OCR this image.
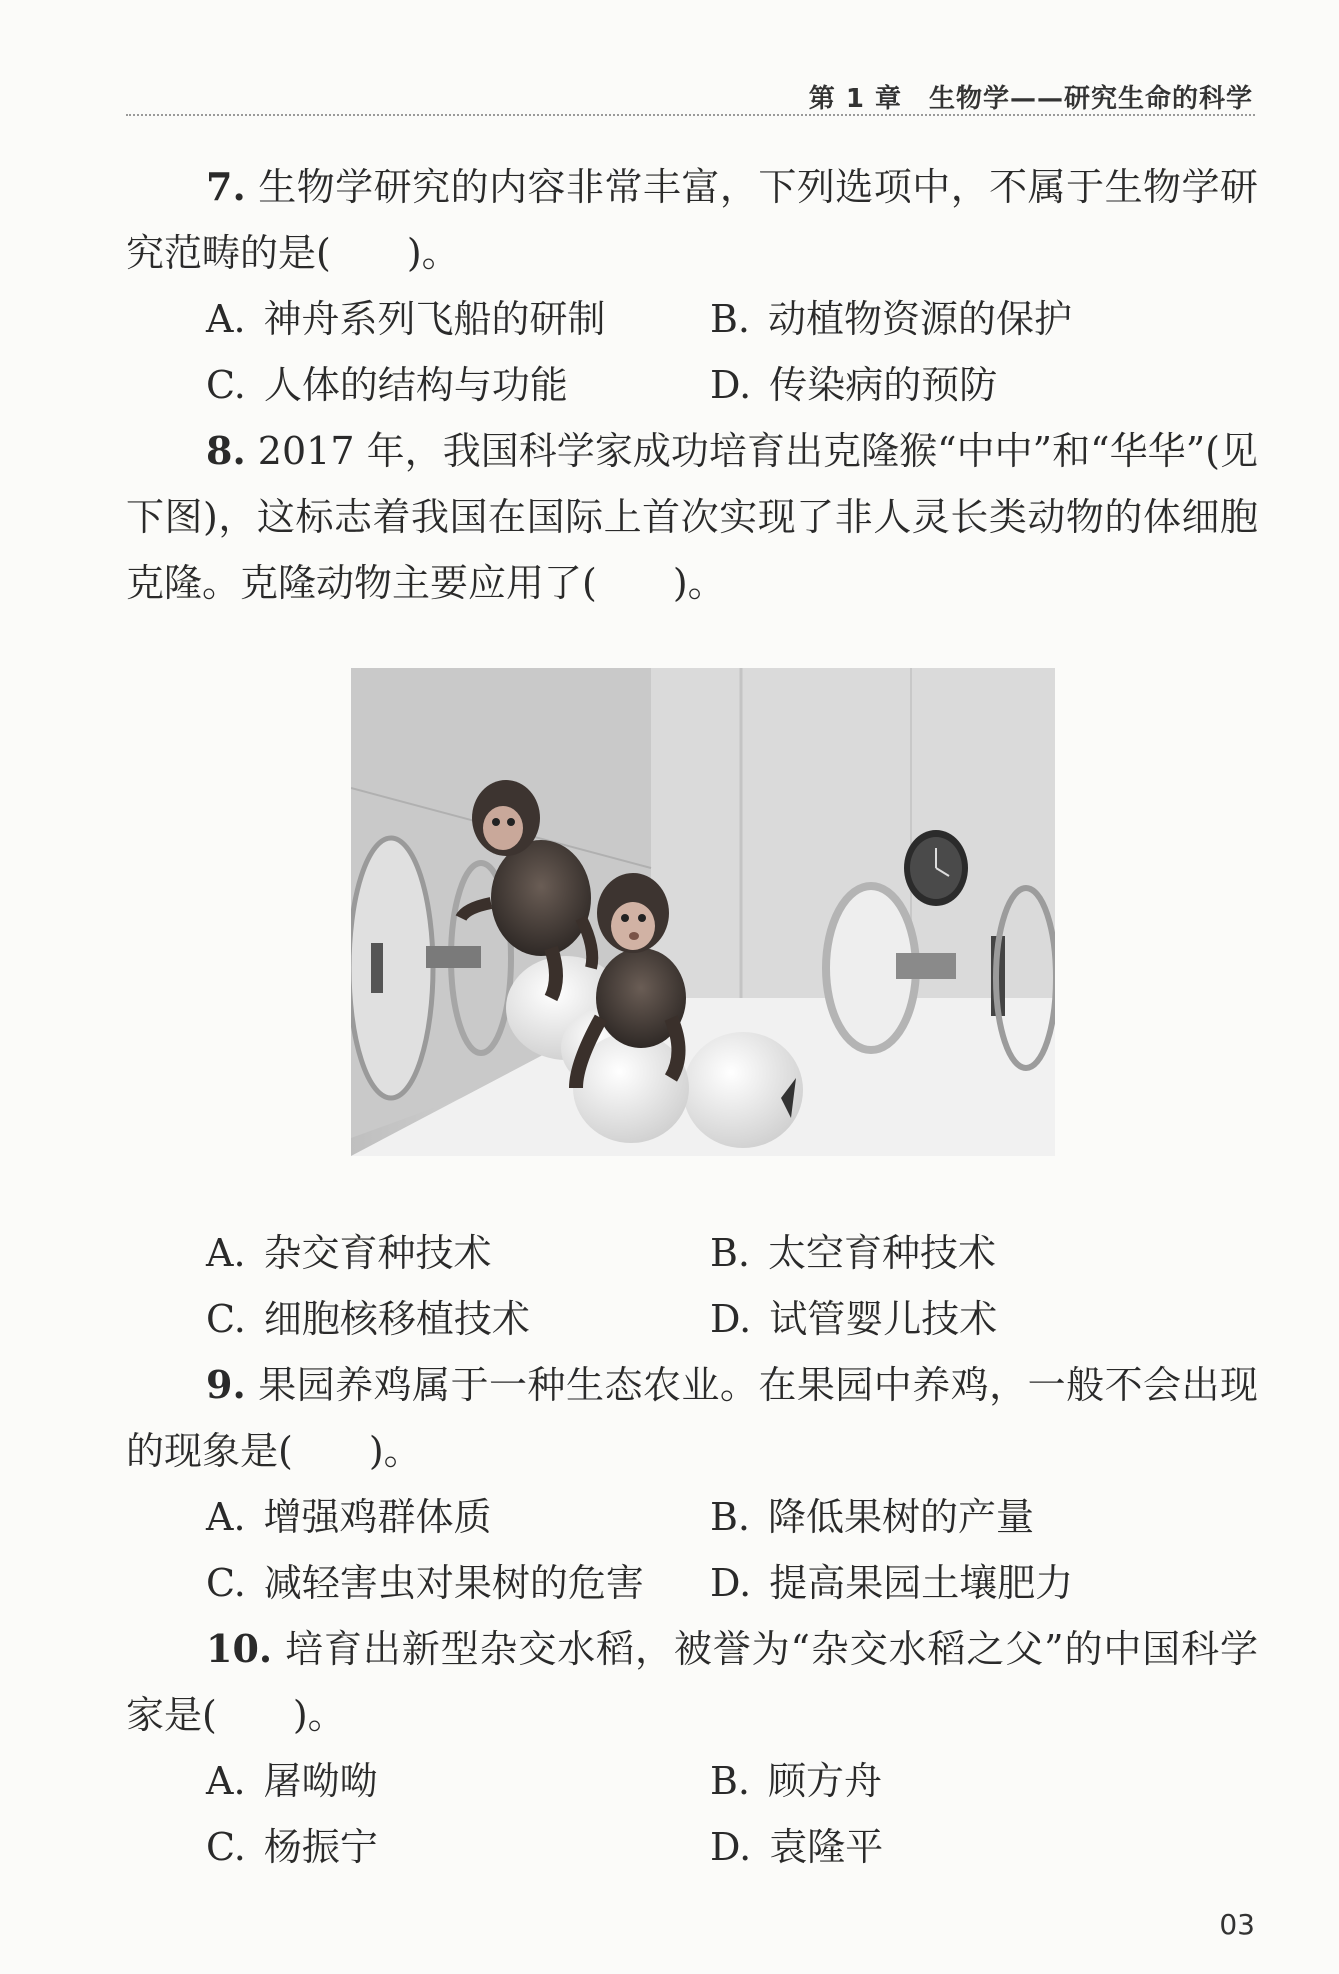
第 1 章　生物学——研究生命的科学

7. 生物学研究的内容非常丰富，下列选项中，不属于生物学研究范畴的是(　　)。

A. 神舟系列飞船的研制	B. 动植物资源的保护
C. 人体的结构与功能	D. 传染病的预防

8. 2017 年，我国科学家成功培育出克隆猴“中中”和“华华”(见下图)，这标志着我国在国际上首次实现了非人灵长类动物的体细胞克隆。克隆动物主要应用了(　　)。

A. 杂交育种技术	B. 太空育种技术
C. 细胞核移植技术	D. 试管婴儿技术

9. 果园养鸡属于一种生态农业。在果园中养鸡，一般不会出现的现象是(　　)。

A. 增强鸡群体质	B. 降低果树的产量
C. 减轻害虫对果树的危害	D. 提高果园土壤肥力

10. 培育出新型杂交水稻，被誉为“杂交水稻之父”的中国科学家是(　　)。

A. 屠呦呦	B. 顾方舟
C. 杨振宁	D. 袁隆平
03
